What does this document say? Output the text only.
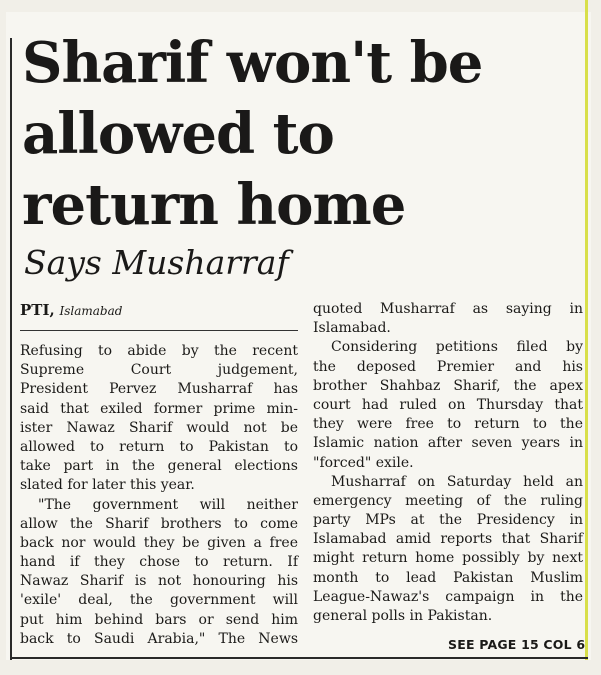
Sharif won't be
allowed to
return home
Says Musharraf
PTI, Islamabad
Refusing to abide by the recent
Supreme Court judgement,
President Pervez Musharraf has
said that exiled former prime min-
ister Nawaz Sharif would not be
allowed to return to Pakistan to
take part in the general elections
slated for later this year.
"The government will neither
allow the Sharif brothers to come
back nor would they be given a free
hand if they chose to return. If
Nawaz Sharif is not honouring his
'exile' deal, the government will
put him behind bars or send him
back to Saudi Arabia," The News
quoted Musharraf as saying in
Islamabad.
Considering petitions filed by
the deposed Premier and his
brother Shahbaz Sharif, the apex
court had ruled on Thursday that
they were free to return to the
Islamic nation after seven years in
"forced" exile.
Musharraf on Saturday held an
emergency meeting of the ruling
party MPs at the Presidency in
Islamabad amid reports that Sharif
might return home possibly by next
month to lead Pakistan Muslim
League-Nawaz's campaign in the
general polls in Pakistan.
SEE PAGE 15 COL 6
